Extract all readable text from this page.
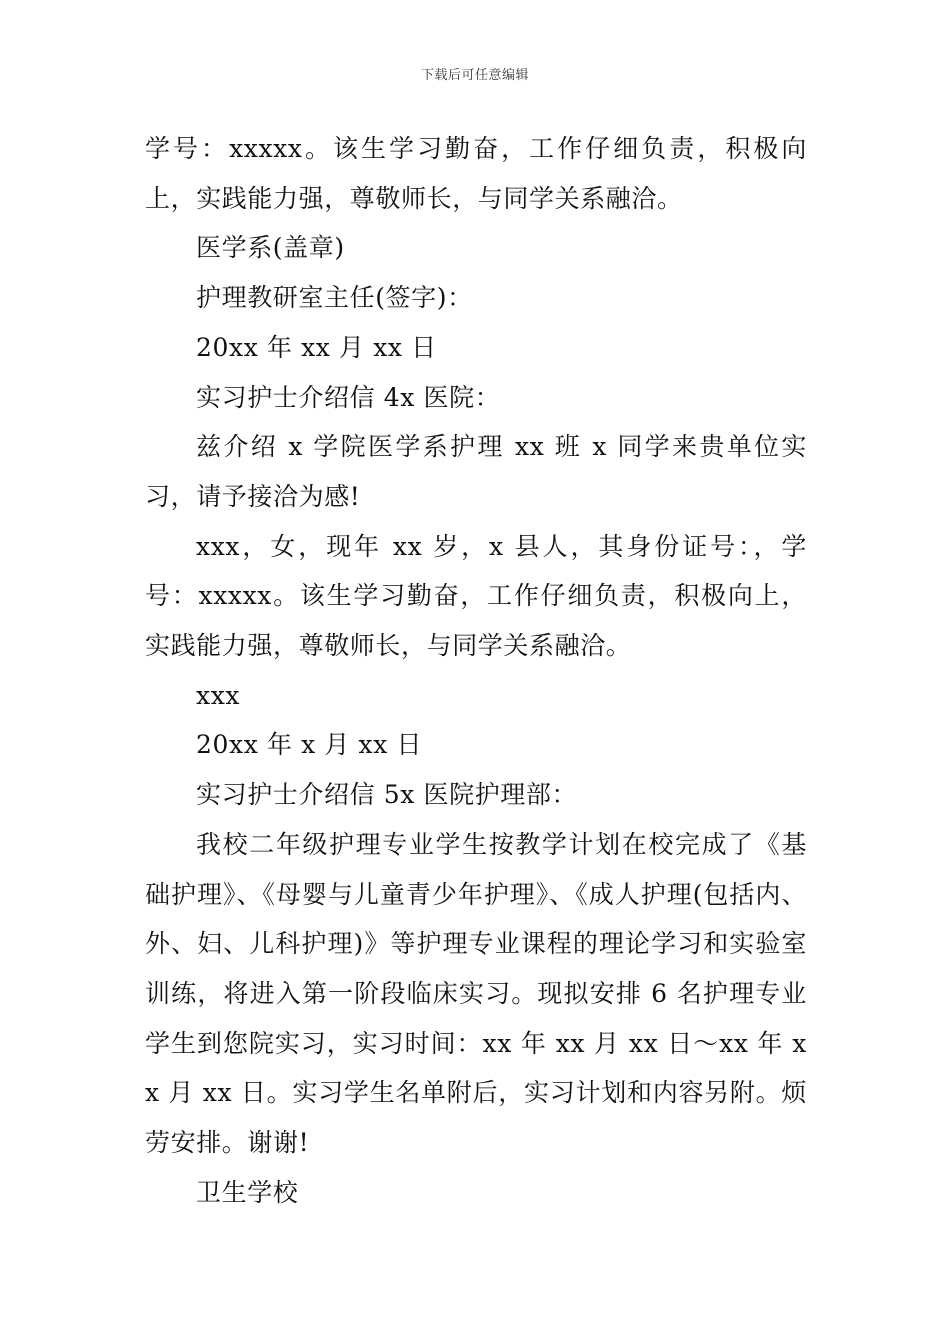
下载后可任意编辑

学号：xxxxx。该生学习勤奋，工作仔细负责，积极向上，实践能力强，尊敬师长，与同学关系融洽。

医学系(盖章)

护理教研室主任(签字)：

20xx 年 xx 月 xx 日

实习护士介绍信 4x 医院：

兹介绍 x 学院医学系护理 xx 班 x 同学来贵单位实习，请予接洽为感!

xxx，女，现年 xx 岁，x 县人，其身份证号：，学号：xxxxx。该生学习勤奋，工作仔细负责，积极向上，实践能力强，尊敬师长，与同学关系融洽。

xxx

20xx 年 x 月 xx 日

实习护士介绍信 5x 医院护理部：

我校二年级护理专业学生按教学计划在校完成了《基础护理》、《母婴与儿童青少年护理》、《成人护理(包括内、外、妇、儿科护理)》等护理专业课程的理论学习和实验室训练，将进入第一阶段临床实习。现拟安排 6 名护理专业学生到您院实习，实习时间：xx 年 xx 月 xx 日～xx 年 xx 月 xx 日。实习学生名单附后，实习计划和内容另附。烦劳安排。谢谢!

卫生学校
